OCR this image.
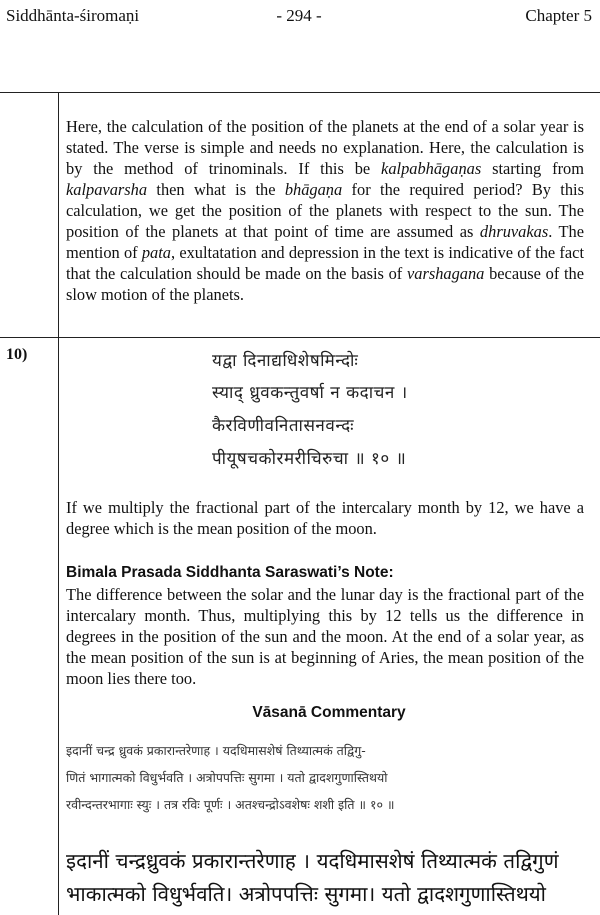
Siddhānta-śiromaṇi	- 294 -	Chapter 5
Here, the calculation of the position of the planets at the end of a solar year is stated. The verse is simple and needs no explanation. Here, the calculation is by the method of trinominals. If this be kalpabhāgaṇas starting from kalpavarsha then what is the bhāgaṇa for the required period? By this calculation, we get the position of the planets with respect to the sun. The position of the planets at that point of time are assumed as dhruvakas. The mention of pata, exultatation and depression in the text is indicative of the fact that the calculation should be made on the basis of varshagana because of the slow motion of the planets.
10)	यद्वा दिनाद्यधिशेषमिन्दोः
स्याद् ध्रुवकन्तुवर्षा न कदाचन ।
कैरविणीवनितासनवन्दः
पीयूषचकोरमरीचिरुचा ॥ १० ॥
If we multiply the fractional part of the intercalary month by 12, we have a degree which is the mean position of the moon.
Bimala Prasada Siddhanta Saraswati’s Note:
The difference between the solar and the lunar day is the fractional part of the intercalary month. Thus, multiplying this by 12 tells us the difference in degrees in the position of the sun and the moon. At the end of a solar year, as the mean position of the sun is at beginning of Aries, the mean position of the moon lies there too.
Vāsanā Commentary
इदानीं चन्द्र ध्रुवकं प्रकारान्तरेणाह । यदधिमासशेषं तिथ्यात्मकं तद्विगु-
णितं भागात्मको विधुर्भवति । अत्रोपपत्तिः सुगमा । यतो द्वादशगुणास्तिथयो
रवीन्दन्तरभागाः स्युः । तत्र रविः पूर्णः । अतश्चन्द्रोऽवशेषः शशी इति ॥ १० ॥
इदानीं चन्द्रध्रुवकं प्रकारान्तरेणाह । यदधिमासशेषं तिथ्यात्मकं तद्विगुणं
भाकात्मको विधुर्भवति। अत्रोपपत्तिः सुगमा। यतो द्वादशगुणास्तिथयो
